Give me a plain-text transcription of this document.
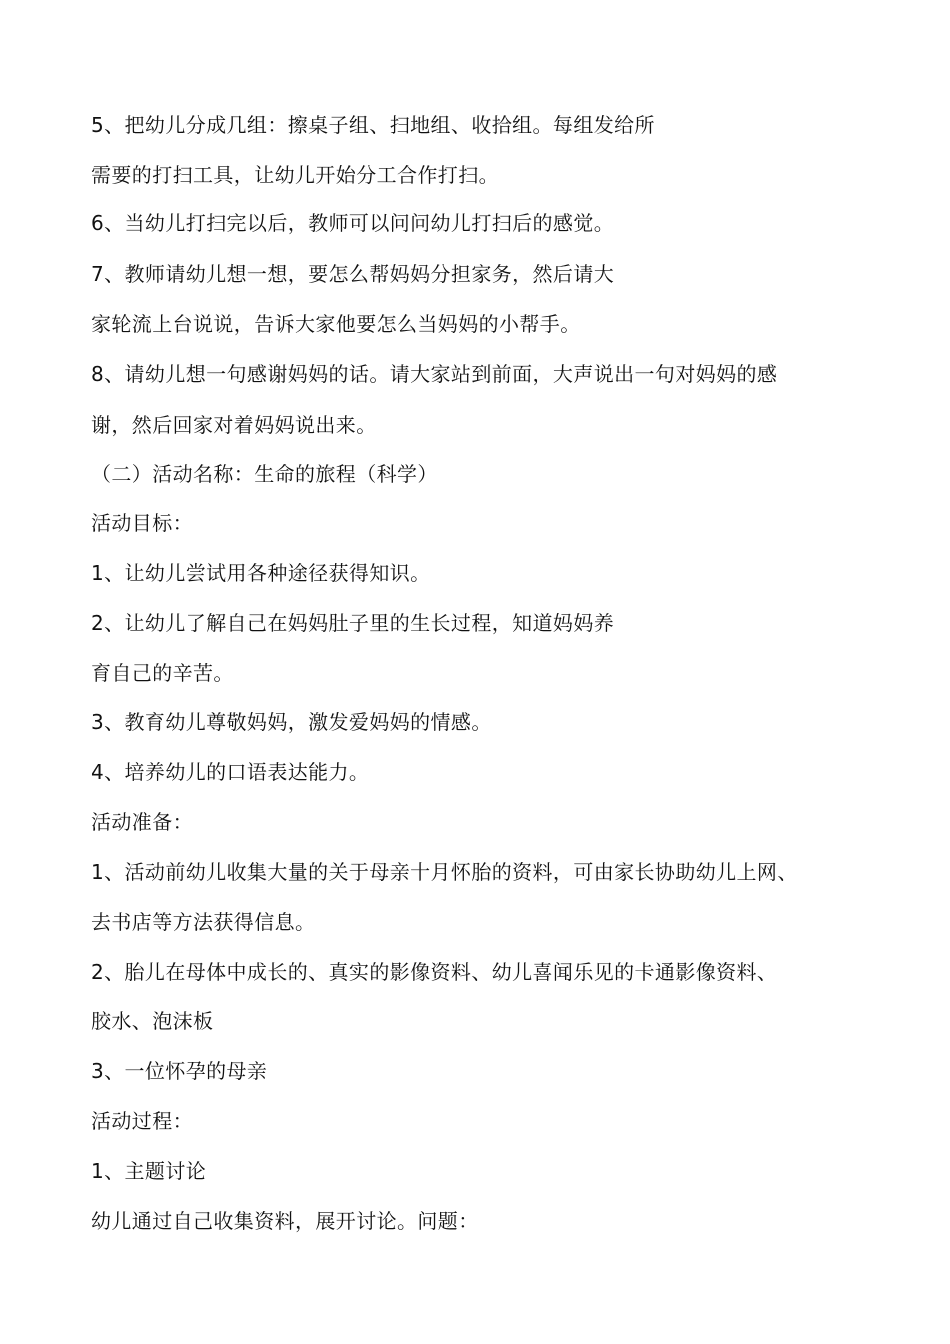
5、把幼儿分成几组：擦桌子组、扫地组、收拾组。每组发给所
需要的打扫工具，让幼儿开始分工合作打扫。
6、当幼儿打扫完以后，教师可以问问幼儿打扫后的感觉。
7、教师请幼儿想一想，要怎么帮妈妈分担家务，然后请大
家轮流上台说说，告诉大家他要怎么当妈妈的小帮手。
8、请幼儿想一句感谢妈妈的话。请大家站到前面，大声说出一句对妈妈的感
谢，然后回家对着妈妈说出来。
（二）活动名称：生命的旅程（科学）
活动目标：
1、让幼儿尝试用各种途径获得知识。
2、让幼儿了解自己在妈妈肚子里的生长过程，知道妈妈养
育自己的辛苦。
3、教育幼儿尊敬妈妈，激发爱妈妈的情感。
4、培养幼儿的口语表达能力。
活动准备：
1、活动前幼儿收集大量的关于母亲十月怀胎的资料，可由家长协助幼儿上网、
去书店等方法获得信息。
2、胎儿在母体中成长的、真实的影像资料、幼儿喜闻乐见的卡通影像资料、
胶水、泡沫板
3、一位怀孕的母亲
活动过程：
1、主题讨论
幼儿通过自己收集资料，展开讨论。问题：
